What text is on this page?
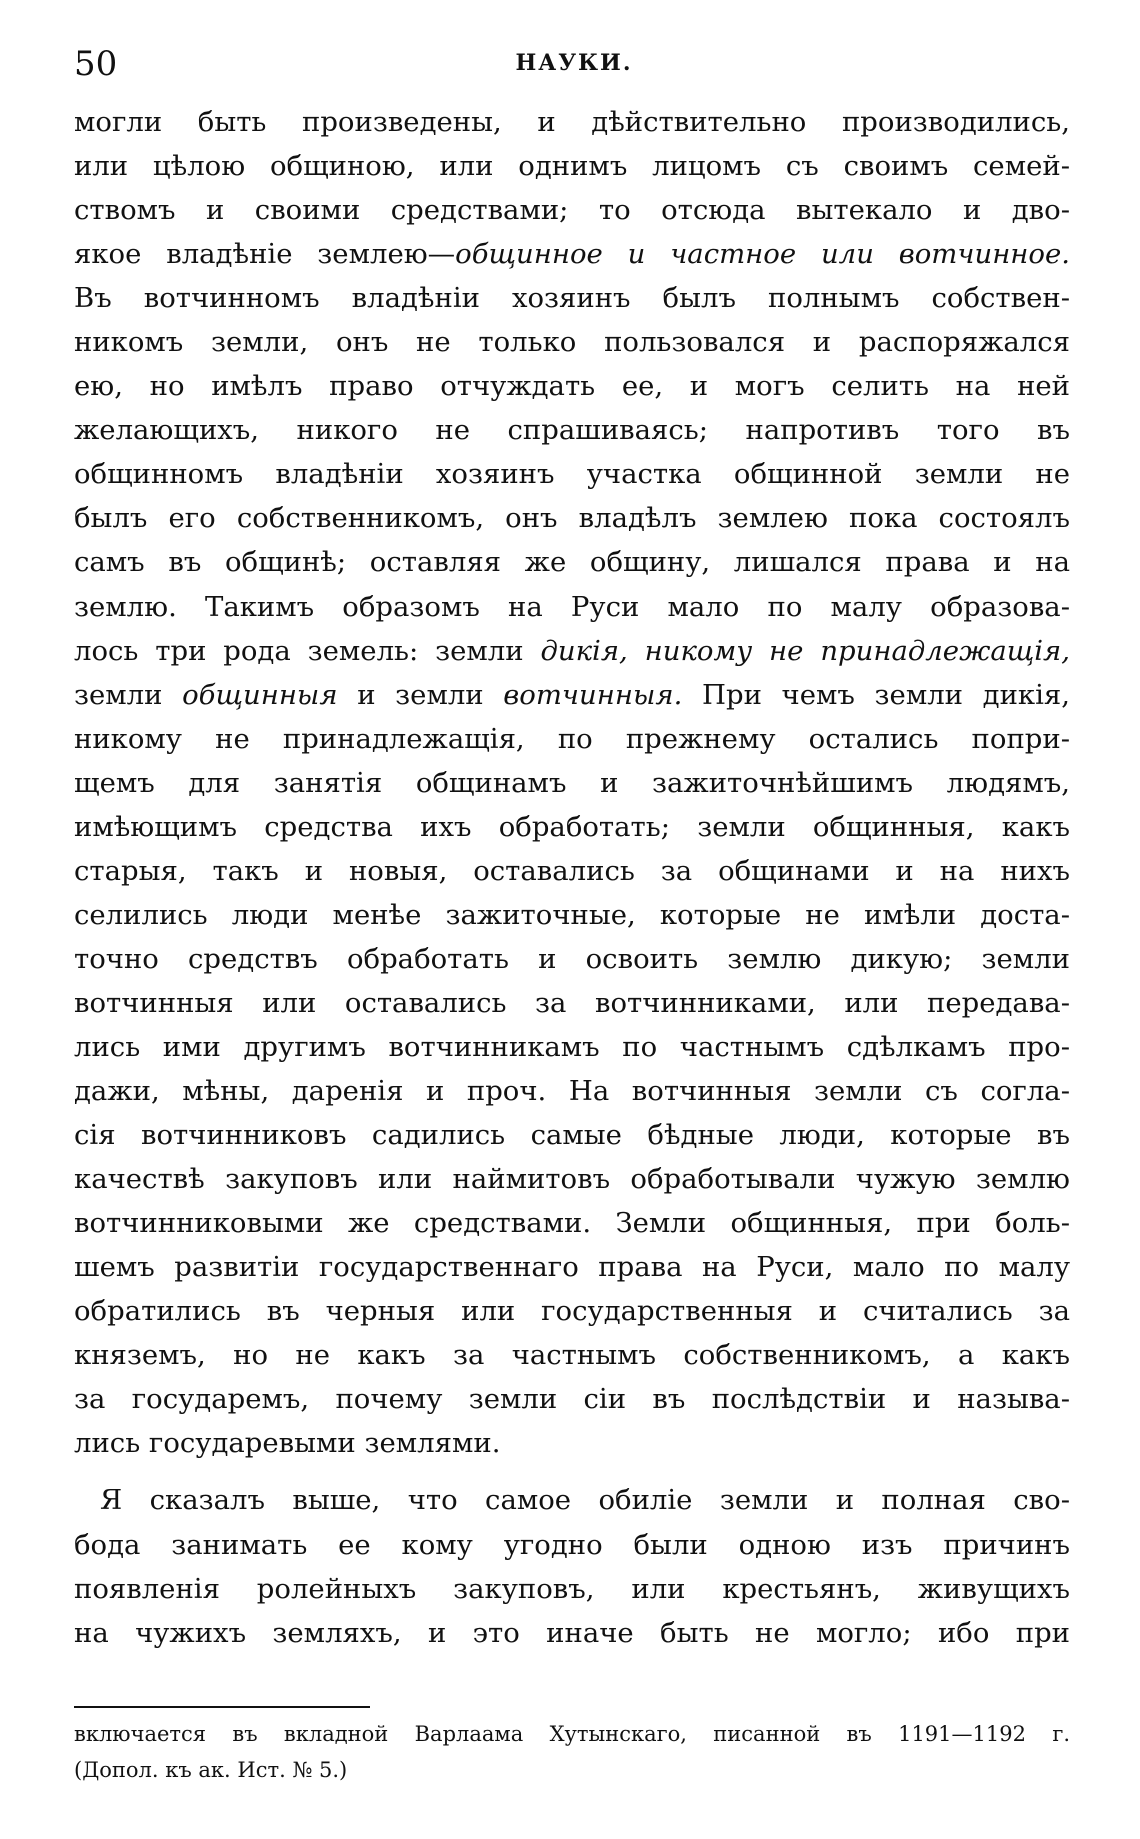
50	НАУКИ.
могли быть произведены, и дѣйствительно производились,
или цѣлою общиною, или однимъ лицомъ съ своимъ семей-
ствомъ и своими средствами; то отсюда вытекало и дво-
якое владѣніе землею—общинное и частное или вотчинное.
Въ вотчинномъ владѣніи хозяинъ былъ полнымъ собствен-
никомъ земли, онъ не только пользовался и распоряжался
ею, но имѣлъ право отчуждать ее, и могъ селить на ней
желающихъ, никого не спрашиваясь; напротивъ того въ
общинномъ владѣніи хозяинъ участка общинной земли не
былъ его собственникомъ, онъ владѣлъ землею пока состоялъ
самъ въ общинѣ; оставляя же общину, лишался права и на
землю. Такимъ образомъ на Руси мало по малу образова-
лось три рода земель: земли дикія, никому не принадлежащія,
земли общинныя и земли вотчинныя. При чемъ земли дикія,
никому не принадлежащія, по прежнему остались попри-
щемъ для занятія общинамъ и зажиточнѣйшимъ людямъ,
имѣющимъ средства ихъ обработать; земли общинныя, какъ
старыя, такъ и новыя, оставались за общинами и на нихъ
селились люди менѣе зажиточные, которые не имѣли доста-
точно средствъ обработать и освоить землю дикую; земли
вотчинныя или оставались за вотчинниками, или передава-
лись ими другимъ вотчинникамъ по частнымъ сдѣлкамъ про-
дажи, мѣны, даренія и проч. На вотчинныя земли съ согла-
сія вотчинниковъ садились самые бѣдные люди, которые въ
качествѣ закуповъ или наймитовъ обработывали чужую землю
вотчинниковыми же средствами. Земли общинныя, при боль-
шемъ развитіи государственнаго права на Руси, мало по малу
обратились въ черныя или государственныя и считались за
княземъ, но не какъ за частнымъ собственникомъ, а какъ
за государемъ, почему земли сіи въ послѣдствіи и называ-
лись государевыми землями.
Я сказалъ выше, что самое обиліе земли и полная сво-
бода занимать ее кому угодно были одною изъ причинъ
появленія ролейныхъ закуповъ, или крестьянъ, живущихъ
на чужихъ земляхъ, и это иначе быть не могло; ибо при
включается въ вкладной Варлаама Хутынскаго, писанной въ 1191—1192 г.
(Допол. къ ак. Ист. № 5.)
